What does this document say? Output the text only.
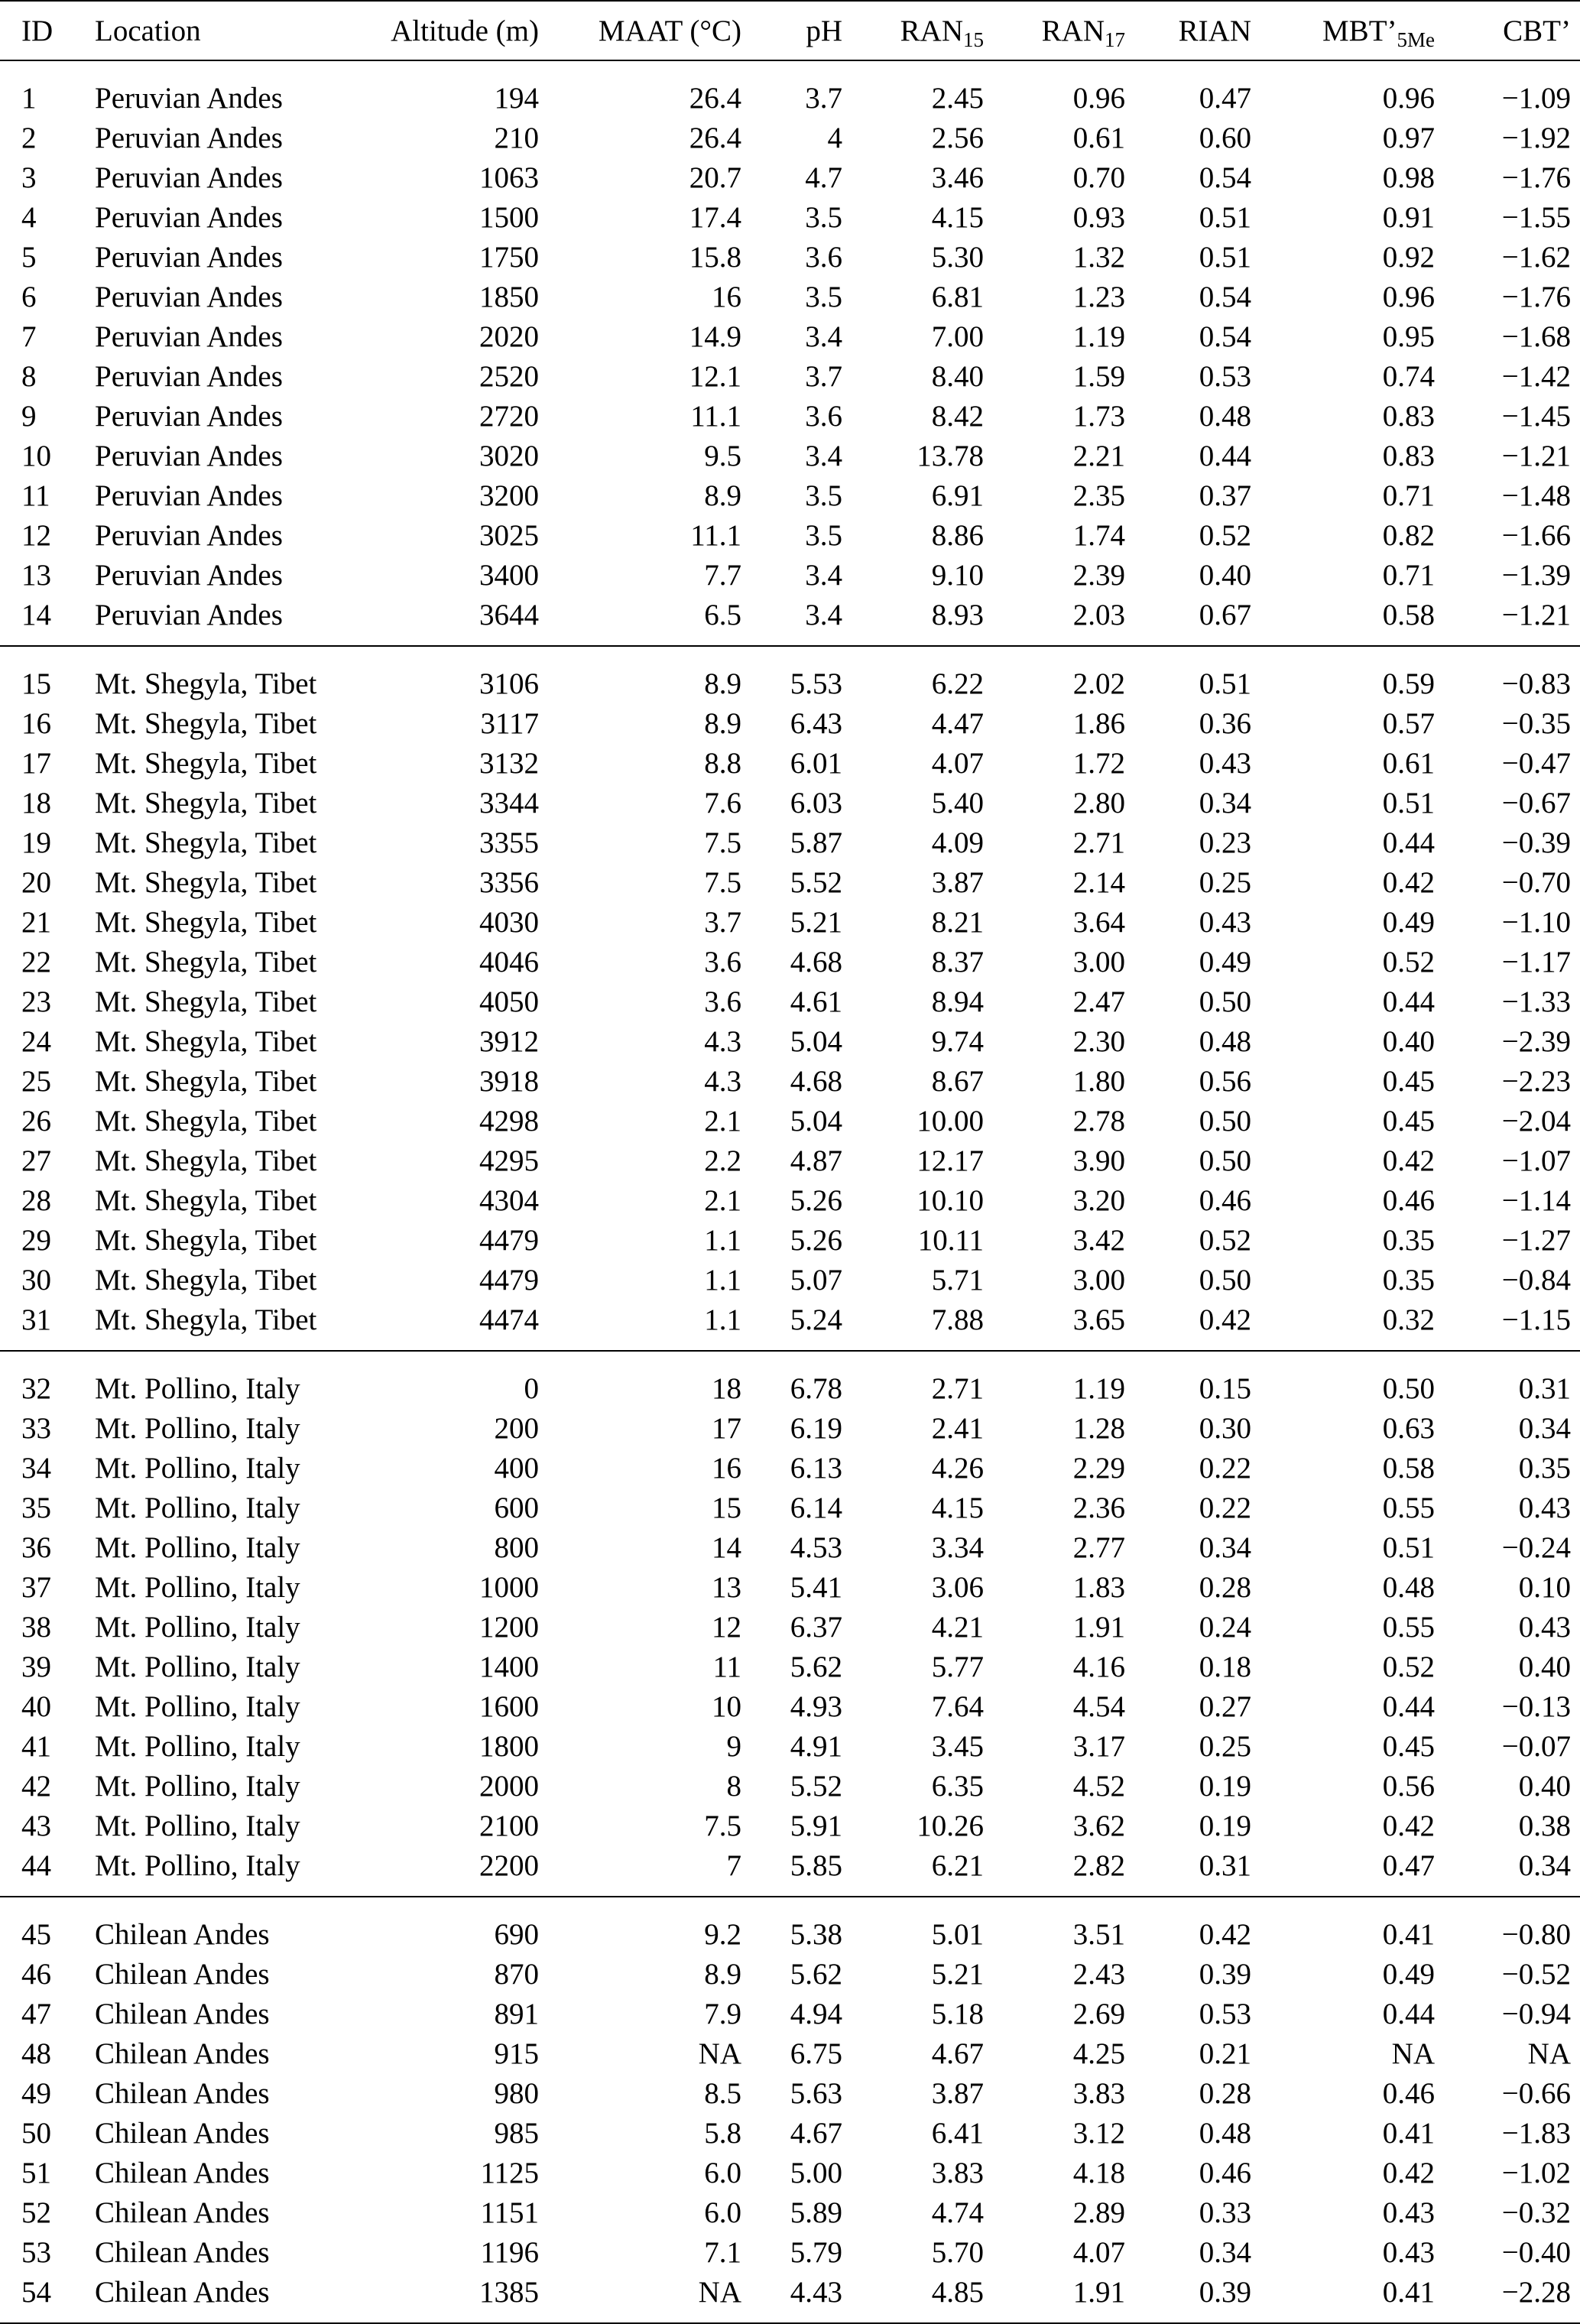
ID	Location	Altitude (m)	MAAT (°C)	pH	$RAN_{15}$	$RAN_{17}$	RIAN	$MBT’_{5Me}$	CBT’
1	Peruvian Andes	194	26.4	3.7	2.45	0.96	0.47	0.96	−1.09
2	Peruvian Andes	210	26.4	4	2.56	0.61	0.60	0.97	−1.92
3	Peruvian Andes	1063	20.7	4.7	3.46	0.70	0.54	0.98	−1.76
4	Peruvian Andes	1500	17.4	3.5	4.15	0.93	0.51	0.91	−1.55
5	Peruvian Andes	1750	15.8	3.6	5.30	1.32	0.51	0.92	−1.62
6	Peruvian Andes	1850	16	3.5	6.81	1.23	0.54	0.96	−1.76
7	Peruvian Andes	2020	14.9	3.4	7.00	1.19	0.54	0.95	−1.68
8	Peruvian Andes	2520	12.1	3.7	8.40	1.59	0.53	0.74	−1.42
9	Peruvian Andes	2720	11.1	3.6	8.42	1.73	0.48	0.83	−1.45
10	Peruvian Andes	3020	9.5	3.4	13.78	2.21	0.44	0.83	−1.21
11	Peruvian Andes	3200	8.9	3.5	6.91	2.35	0.37	0.71	−1.48
12	Peruvian Andes	3025	11.1	3.5	8.86	1.74	0.52	0.82	−1.66
13	Peruvian Andes	3400	7.7	3.4	9.10	2.39	0.40	0.71	−1.39
14	Peruvian Andes	3644	6.5	3.4	8.93	2.03	0.67	0.58	−1.21
15	Mt. Shegyla, Tibet	3106	8.9	5.53	6.22	2.02	0.51	0.59	−0.83
16	Mt. Shegyla, Tibet	3117	8.9	6.43	4.47	1.86	0.36	0.57	−0.35
17	Mt. Shegyla, Tibet	3132	8.8	6.01	4.07	1.72	0.43	0.61	−0.47
18	Mt. Shegyla, Tibet	3344	7.6	6.03	5.40	2.80	0.34	0.51	−0.67
19	Mt. Shegyla, Tibet	3355	7.5	5.87	4.09	2.71	0.23	0.44	−0.39
20	Mt. Shegyla, Tibet	3356	7.5	5.52	3.87	2.14	0.25	0.42	−0.70
21	Mt. Shegyla, Tibet	4030	3.7	5.21	8.21	3.64	0.43	0.49	−1.10
22	Mt. Shegyla, Tibet	4046	3.6	4.68	8.37	3.00	0.49	0.52	−1.17
23	Mt. Shegyla, Tibet	4050	3.6	4.61	8.94	2.47	0.50	0.44	−1.33
24	Mt. Shegyla, Tibet	3912	4.3	5.04	9.74	2.30	0.48	0.40	−2.39
25	Mt. Shegyla, Tibet	3918	4.3	4.68	8.67	1.80	0.56	0.45	−2.23
26	Mt. Shegyla, Tibet	4298	2.1	5.04	10.00	2.78	0.50	0.45	−2.04
27	Mt. Shegyla, Tibet	4295	2.2	4.87	12.17	3.90	0.50	0.42	−1.07
28	Mt. Shegyla, Tibet	4304	2.1	5.26	10.10	3.20	0.46	0.46	−1.14
29	Mt. Shegyla, Tibet	4479	1.1	5.26	10.11	3.42	0.52	0.35	−1.27
30	Mt. Shegyla, Tibet	4479	1.1	5.07	5.71	3.00	0.50	0.35	−0.84
31	Mt. Shegyla, Tibet	4474	1.1	5.24	7.88	3.65	0.42	0.32	−1.15
32	Mt. Pollino, Italy	0	18	6.78	2.71	1.19	0.15	0.50	0.31
33	Mt. Pollino, Italy	200	17	6.19	2.41	1.28	0.30	0.63	0.34
34	Mt. Pollino, Italy	400	16	6.13	4.26	2.29	0.22	0.58	0.35
35	Mt. Pollino, Italy	600	15	6.14	4.15	2.36	0.22	0.55	0.43
36	Mt. Pollino, Italy	800	14	4.53	3.34	2.77	0.34	0.51	−0.24
37	Mt. Pollino, Italy	1000	13	5.41	3.06	1.83	0.28	0.48	0.10
38	Mt. Pollino, Italy	1200	12	6.37	4.21	1.91	0.24	0.55	0.43
39	Mt. Pollino, Italy	1400	11	5.62	5.77	4.16	0.18	0.52	0.40
40	Mt. Pollino, Italy	1600	10	4.93	7.64	4.54	0.27	0.44	−0.13
41	Mt. Pollino, Italy	1800	9	4.91	3.45	3.17	0.25	0.45	−0.07
42	Mt. Pollino, Italy	2000	8	5.52	6.35	4.52	0.19	0.56	0.40
43	Mt. Pollino, Italy	2100	7.5	5.91	10.26	3.62	0.19	0.42	0.38
44	Mt. Pollino, Italy	2200	7	5.85	6.21	2.82	0.31	0.47	0.34
45	Chilean Andes	690	9.2	5.38	5.01	3.51	0.42	0.41	−0.80
46	Chilean Andes	870	8.9	5.62	5.21	2.43	0.39	0.49	−0.52
47	Chilean Andes	891	7.9	4.94	5.18	2.69	0.53	0.44	−0.94
48	Chilean Andes	915	NA	6.75	4.67	4.25	0.21	NA	NA
49	Chilean Andes	980	8.5	5.63	3.87	3.83	0.28	0.46	−0.66
50	Chilean Andes	985	5.8	4.67	6.41	3.12	0.48	0.41	−1.83
51	Chilean Andes	1125	6.0	5.00	3.83	4.18	0.46	0.42	−1.02
52	Chilean Andes	1151	6.0	5.89	4.74	2.89	0.33	0.43	−0.32
53	Chilean Andes	1196	7.1	5.79	5.70	4.07	0.34	0.43	−0.40
54	Chilean Andes	1385	NA	4.43	4.85	1.91	0.39	0.41	−2.28
